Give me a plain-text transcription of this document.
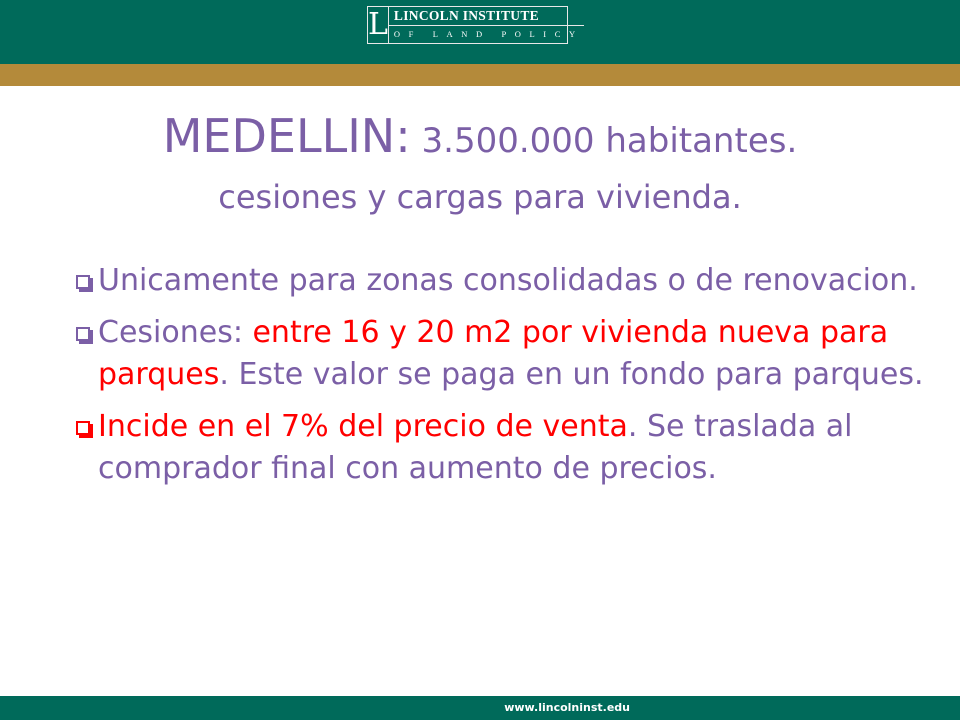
L LINCOLN INSTITUTE
OF LAND POLICY
MEDELLIN: 3.500.000 habitantes.
cesiones y cargas para vivienda.
Unicamente para zonas consolidadas o de renovacion.
Cesiones: entre 16 y 20 m2 por vivienda nueva para parques. Este valor se paga en un fondo para parques.
Incide en el 7% del precio de venta. Se traslada al comprador final con aumento de precios.
www.lincolninst.edu
